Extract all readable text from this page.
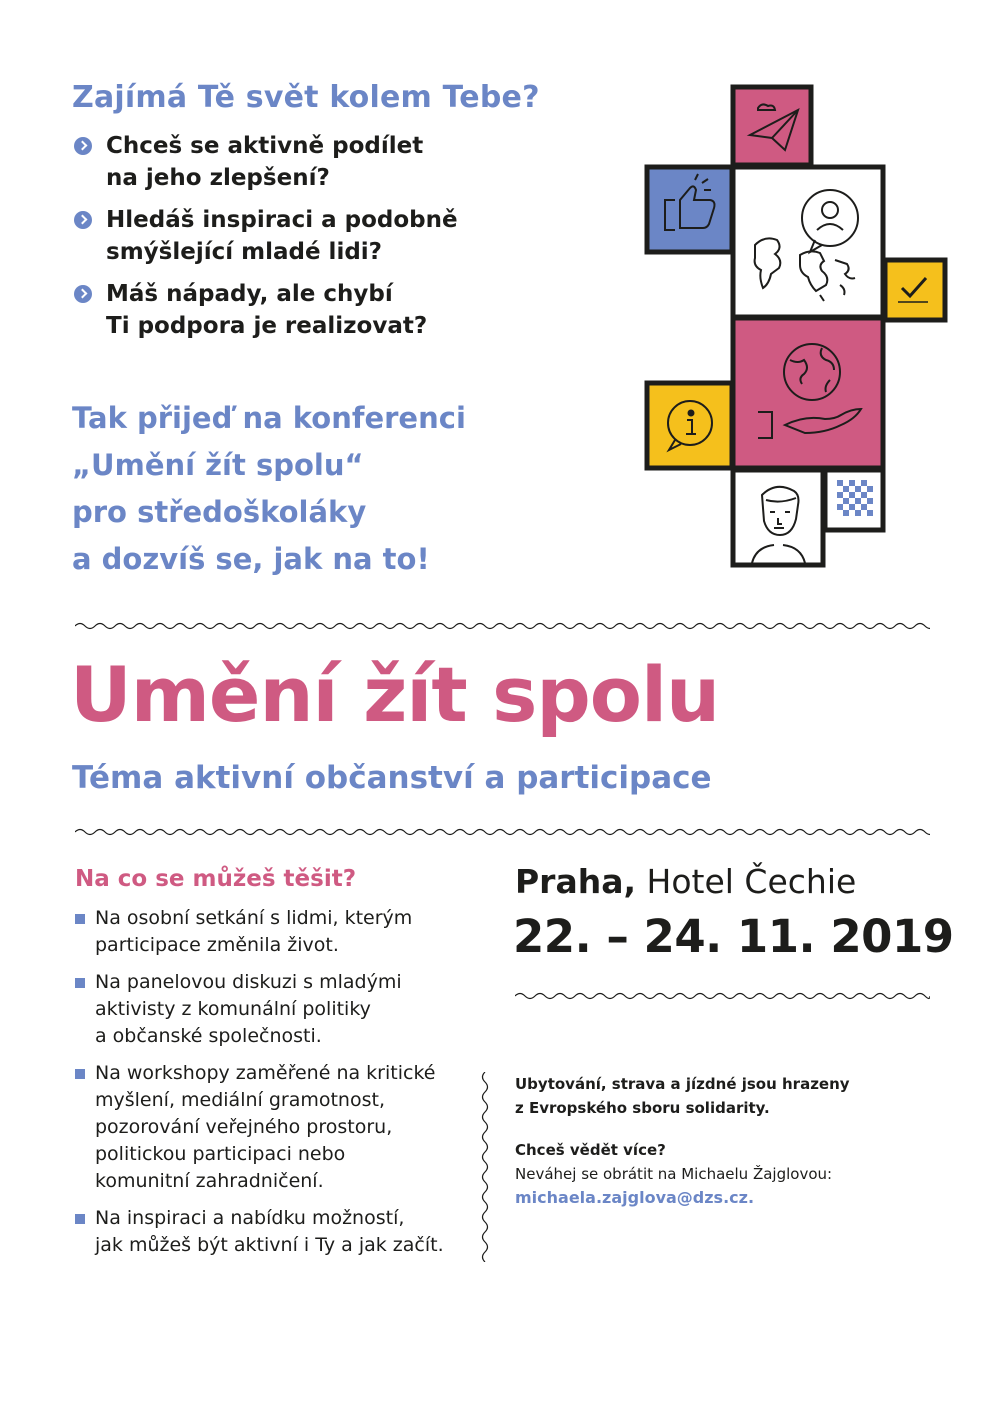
Zajímá Tě svět kolem Tebe?
Chceš se aktivně podílet
na jeho zlepšení?
Hledáš inspiraci a podobně
smýšlející mladé lidi?
Máš nápady, ale chybí
Ti podpora je realizovat?
Tak přijeď na konferenci
„Umění žít spolu“
pro středoškoláky
a dozvíš se, jak na to!
Umění žít spolu
Téma aktivní občanství a participace
Na co se můžeš těšit?
Na osobní setkání s lidmi, kterým
participace změnila život.
Na panelovou diskuzi s mladými
aktivisty z komunální politiky
a občanské společnosti.
Na workshopy zaměřené na kritické
myšlení, mediální gramotnost,
pozorování veřejného prostoru,
politickou participaci nebo
komunitní zahradničení.
Na inspiraci a nabídku možností,
jak můžeš být aktivní i Ty a jak začít.
Praha, Hotel Čechie
22. – 24. 11. 2019
Ubytování, strava a jízdné jsou hrazeny
z Evropského sboru solidarity.
Chceš vědět více?
Neváhej se obrátit na Michaelu Žajglovou:
michaela.zajglova@dzs.cz.
